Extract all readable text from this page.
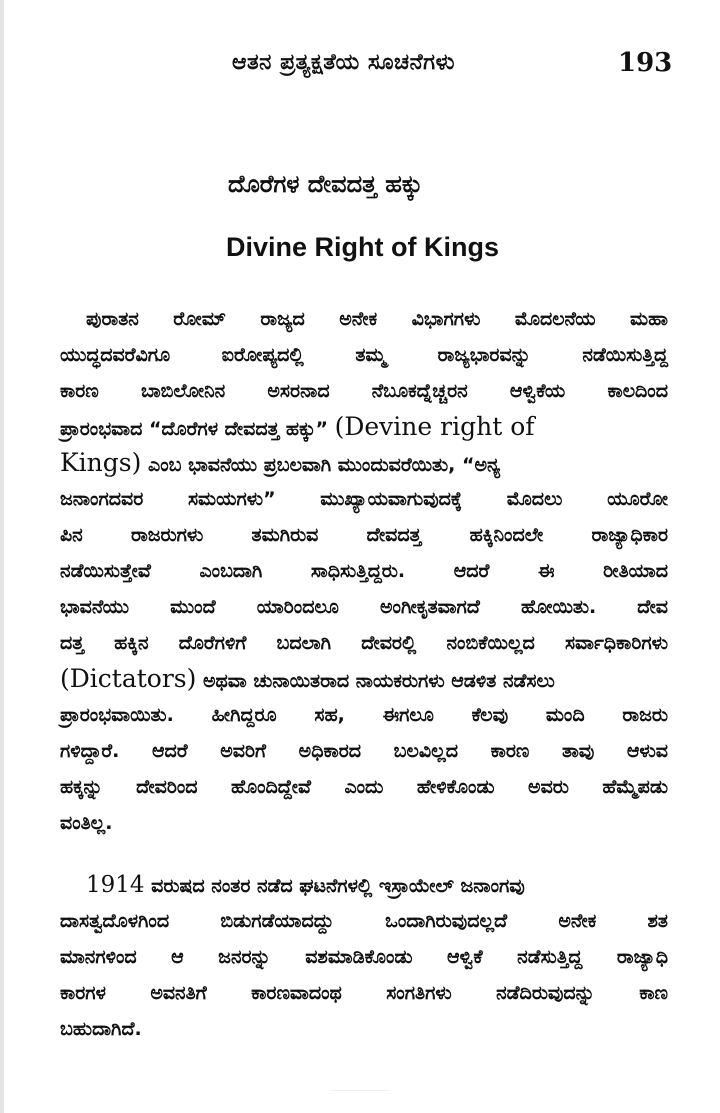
ಆತನ ಪ್ರತ್ಯಕ್ಷತೆಯ ಸೂಚನೆಗಳು	193
ದೊರೆಗಳ ದೇವದತ್ತ ಹಕ್ಕು
Divine Right of Kings
ಪುರಾತನ ರೋಮ್ ರಾಜ್ಯದ ಅನೇಕ ವಿಭಾಗಗಳು ಮೊದಲನೆಯ ಮಹಾ
ಯುದ್ಧದವರೆವಿಗೂ ಐರೋಪ್ಯದಲ್ಲಿ ತಮ್ಮ ರಾಜ್ಯಭಾರವನ್ನು ನಡೆಯಿಸುತ್ತಿದ್ದ
ಕಾರಣ ಬಾಬಿಲೋನಿನ ಅಸರನಾದ ನೆಬೂಕದ್ನೆಚ್ಚರನ ಆಳ್ವಿಕೆಯ ಕಾಲದಿಂದ
ಪ್ರಾರಂಭವಾದ “ದೊರೆಗಳ ದೇವದತ್ತ ಹಕ್ಕು” (Devine right of
Kings) ಎಂಬ ಭಾವನೆಯು ಪ್ರಬಲವಾಗಿ ಮುಂದುವರೆಯಿತು, “ಅನ್ಯ
ಜನಾಂಗದವರ ಸಮಯಗಳು” ಮುಖ್ಯಾಯವಾಗುವುದಕ್ಕೆ ಮೊದಲು ಯೂರೋ
ಪಿನ ರಾಜರುಗಳು ತಮಗಿರುವ ದೇವದತ್ತ ಹಕ್ಕಿನಿಂದಲೇ ರಾಜ್ಯಾಧಿಕಾರ
ನಡೆಯಿಸುತ್ತೇವೆ ಎಂಬದಾಗಿ ಸಾಧಿಸುತ್ತಿದ್ದರು. ಆದರೆ ಈ ರೀತಿಯಾದ
ಭಾವನೆಯು ಮುಂದೆ ಯಾರಿಂದಲೂ ಅಂಗೀಕೃತವಾಗದೆ ಹೋಯಿತು. ದೇವ
ದತ್ತ ಹಕ್ಕಿನ ದೊರೆಗಳಿಗೆ ಬದಲಾಗಿ ದೇವರಲ್ಲಿ ನಂಬಿಕೆಯಿಲ್ಲದ ಸರ್ವಾಧಿಕಾರಿಗಳು
(Dictators) ಅಥವಾ ಚುನಾಯಿತರಾದ ನಾಯಕರುಗಳು ಆಡಳಿತ ನಡೆಸಲು
ಪ್ರಾರಂಭವಾಯಿತು. ಹೀಗಿದ್ದರೂ ಸಹ, ಈಗಲೂ ಕೆಲವು ಮಂದಿ ರಾಜರು
ಗಳಿದ್ದಾರೆ. ಆದರೆ ಅವರಿಗೆ ಅಧಿಕಾರದ ಬಲವಿಲ್ಲದ ಕಾರಣ ತಾವು ಆಳುವ
ಹಕ್ಕನ್ನು ದೇವರಿಂದ ಹೊಂದಿದ್ದೇವೆ ಎಂದು ಹೇಳಿಕೊಂಡು ಅವರು ಹೆಮ್ಮೆಪಡು
ವಂತಿಲ್ಲ.
1914 ವರುಷದ ನಂತರ ನಡೆದ ಘಟನೆಗಳಲ್ಲಿ ಇಸ್ರಾಯೇಲ್ ಜನಾಂಗವು
ದಾಸತ್ವದೊಳಗಿಂದ ಬಿಡುಗಡೆಯಾದದ್ದು ಒಂದಾಗಿರುವುದಲ್ಲದೆ ಅನೇಕ ಶತ
ಮಾನಗಳಿಂದ ಆ ಜನರನ್ನು ವಶಮಾಡಿಕೊಂಡು ಆಳ್ವಿಕೆ ನಡೆಸುತ್ತಿದ್ದ ರಾಜ್ಯಾಧಿ
ಕಾರಗಳ ಅವನತಿಗೆ ಕಾರಣವಾದಂಥ ಸಂಗತಿಗಳು ನಡೆದಿರುವುದನ್ನು ಕಾಣ
ಬಹುದಾಗಿದೆ.
